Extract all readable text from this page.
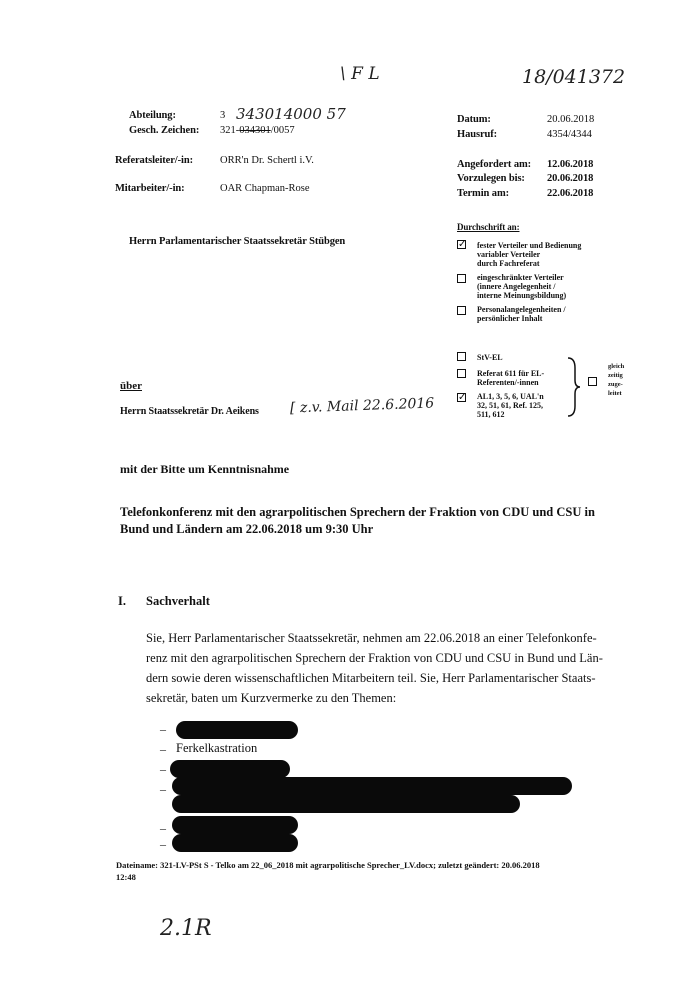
\ F L	18/041372
Abteilung:	3 343014000 57
Gesch. Zeichen: 321-034301/0057
Referatsleiter/-in:	ORR'n Dr. Schertl i.V.
Mitarbeiter/-in:	OAR Chapman-Rose
Datum:	20.06.2018
Hausruf:	4354/4344
Angefordert am: 12.06.2018
Vorzulegen bis: 20.06.2018
Termin am:	22.06.2018
Herrn Parlamentarischer Staatssekretär Stübgen
Durchschrift an:
✓ fester Verteiler und Bedienung
variabler Verteiler
durch Fachreferat
eingeschränkter Verteiler
(innere Angelegenheit /
interne Meinungsbildung)
Personalangelegenheiten /
persönlicher Inhalt
StV-EL
Referat 611 für EL-
Referenten/-innen
✓ AL1, 3, 5, 6, UAL'n
32, 51, 61, Ref. 125,
511, 612
gleich
zeitig
zuge-
leitet
über
Herrn Staatssekretär Dr. Aeikens [ z.v. Mail 22.6.2016
mit der Bitte um Kenntnisnahme
Telefonkonferenz mit den agrarpolitischen Sprechern der Fraktion von CDU und CSU in
Bund und Ländern am 22.06.2018 um 9:30 Uhr
I. Sachverhalt
Sie, Herr Parlamentarischer Staatssekretär, nehmen am 22.06.2018 an einer Telefonkonfe-
renz mit den agrarpolitischen Sprechern der Fraktion von CDU und CSU in Bund und Län-
dern sowie deren wissenschaftlichen Mitarbeitern teil. Sie, Herr Parlamentarischer Staats-
sekretär, baten um Kurzvermerke zu den Themen:
–
– Ferkelkastration
–
–
–
–
Dateiname: 321-LV-PSt S - Telko am 22_06_2018 mit agrarpolitische Sprecher_LV.docx; zuletzt geändert: 20.06.2018
12:48
2.1R
